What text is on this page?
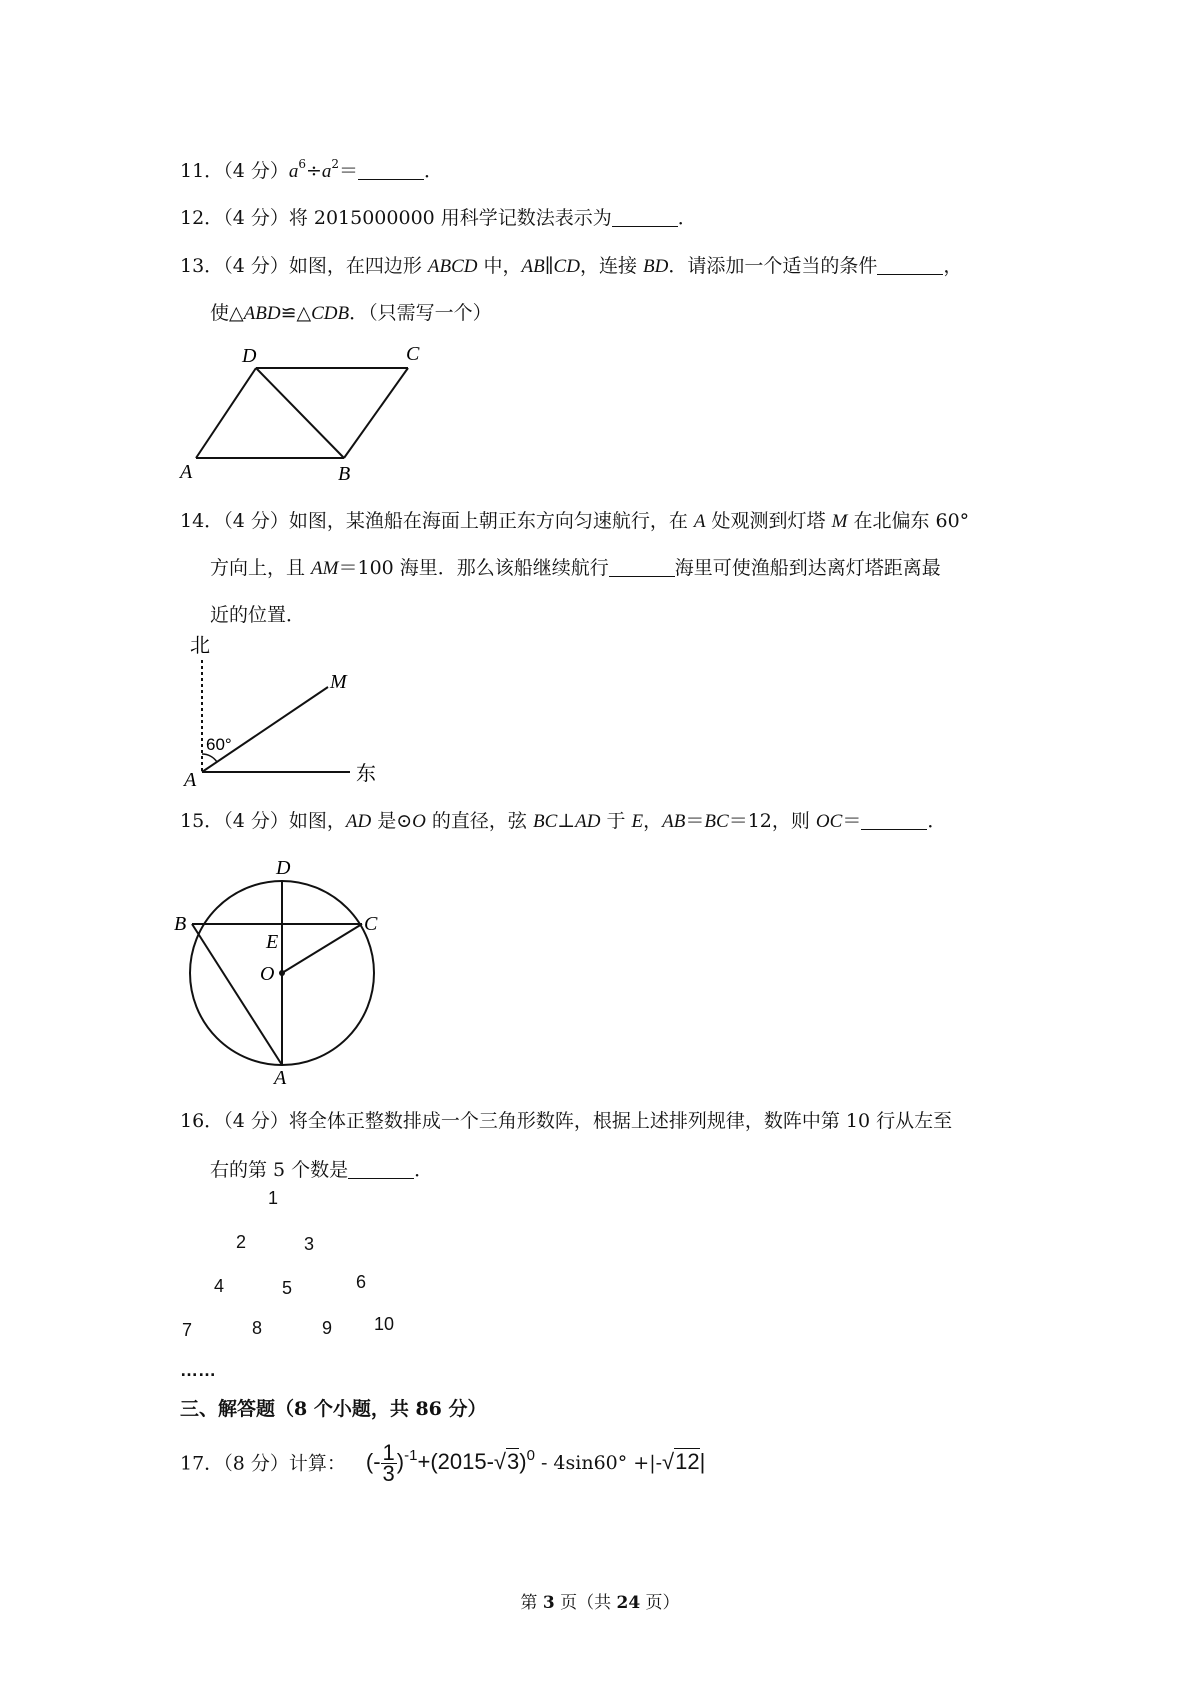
11．（4 分）$a^6\div a^2=$	．
12．（4 分）将 2015000000 用科学记数法表示为	．
13．（4 分）如图，在四边形 ABCD 中，AB∥CD，连接 BD．请添加一个适当的条件	，
使△ABD≌△CDB．（只需写一个）
A	B
C
D
14．（4 分）如图，某渔船在海面上朝正东方向匀速航行，在 A 处观测到灯塔 M 在北偏东 60°
方向上，且 AM＝100 海里．那么该船继续航行	海里可使渔船到达离灯塔距离最
近的位置．
北
东
M
A
60°
15．（4 分）如图，AD 是⊙O 的直径，弦 BC⊥AD 于 E，AB＝BC＝12，则 OC＝	．
D
B	C
E
O
A
16．（4 分）将全体正整数排成一个三角形数阵，根据上述排列规律，数阵中第 10 行从左至
右的第 5 个数是	．
1
2	3
4	5	6
7	8	9 10
……
三、解答题（8 个小题，共 86 分）
17．（8 分）计算： (- $\frac{1}{3} )^{-1}+(2015-√3)^0 - 4\sin 60^\circ +|-√12|$
第 3 页（共 24 页）
